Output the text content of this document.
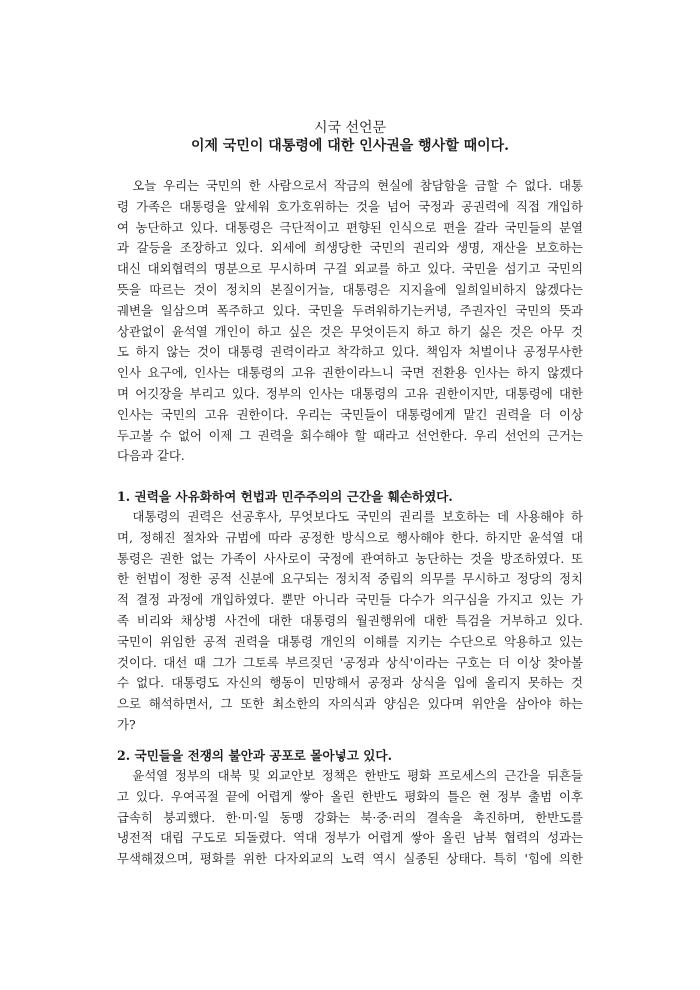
시국 선언문
이제 국민이 대통령에 대한 인사권을 행사할 때이다.
　오늘 우리는 국민의 한 사람으로서 작금의 현실에 참담함을 금할 수 없다. 대통
령 가족은 대통령을 앞세워 호가호위하는 것을 넘어 국정과 공권력에 직접 개입하
여 농단하고 있다. 대통령은 극단적이고 편향된 인식으로 편을 갈라 국민들의 분열
과 갈등을 조장하고 있다. 외세에 희생당한 국민의 권리와 생명, 재산을 보호하는
대신 대외협력의 명분으로 무시하며 구걸 외교를 하고 있다. 국민을 섬기고 국민의
뜻을 따르는 것이 정치의 본질이거늘, 대통령은 지지율에 일희일비하지 않겠다는
궤변을 일삼으며 폭주하고 있다. 국민을 두려워하기는커녕, 주권자인 국민의 뜻과
상관없이 윤석열 개인이 하고 싶은 것은 무엇이든지 하고 하기 싫은 것은 아무 것
도 하지 않는 것이 대통령 권력이라고 착각하고 있다. 책임자 처벌이나 공정무사한
인사 요구에, 인사는 대통령의 고유 권한이라느니 국면 전환용 인사는 하지 않겠다
며 어깃장을 부리고 있다. 정부의 인사는 대통령의 고유 권한이지만, 대통령에 대한
인사는 국민의 고유 권한이다. 우리는 국민들이 대통령에게 맡긴 권력을 더 이상
두고볼 수 없어 이제 그 권력을 회수해야 할 때라고 선언한다. 우리 선언의 근거는
다음과 같다.
1. 권력을 사유화하여 헌법과 민주주의의 근간을 훼손하였다.
　대통령의 권력은 선공후사, 무엇보다도 국민의 권리를 보호하는 데 사용해야 하
며, 정해진 절차와 규범에 따라 공정한 방식으로 행사해야 한다. 하지만 윤석열 대
통령은 권한 없는 가족이 사사로이 국정에 관여하고 농단하는 것을 방조하였다. 또
한 헌법이 정한 공적 신분에 요구되는 정치적 중립의 의무를 무시하고 정당의 정치
적 결정 과정에 개입하였다. 뿐만 아니라 국민들 다수가 의구심을 가지고 있는 가
족 비리와 채상병 사건에 대한 대통령의 월권행위에 대한 특검을 거부하고 있다.
국민이 위임한 공적 권력을 대통령 개인의 이해를 지키는 수단으로 악용하고 있는
것이다. 대선 때 그가 그토록 부르짖던 '공정과 상식'이라는 구호는 더 이상 찾아볼
수 없다. 대통령도 자신의 행동이 민망해서 공정과 상식을 입에 올리지 못하는 것
으로 해석하면서, 그 또한 최소한의 자의식과 양심은 있다며 위안을 삼아야 하는
가?
2. 국민들을 전쟁의 불안과 공포로 몰아넣고 있다.
　윤석열 정부의 대북 및 외교안보 정책은 한반도 평화 프로세스의 근간을 뒤흔들
고 있다. 우여곡절 끝에 어렵게 쌓아 올린 한반도 평화의 틀은 현 정부 출범 이후
급속히 붕괴했다. 한·미·일 동맹 강화는 북·중·러의 결속을 촉진하며, 한반도를
냉전적 대립 구도로 되돌렸다. 역대 정부가 어렵게 쌓아 올린 남북 협력의 성과는
무색해졌으며, 평화를 위한 다자외교의 노력 역시 실종된 상태다. 특히 '힘에 의한
